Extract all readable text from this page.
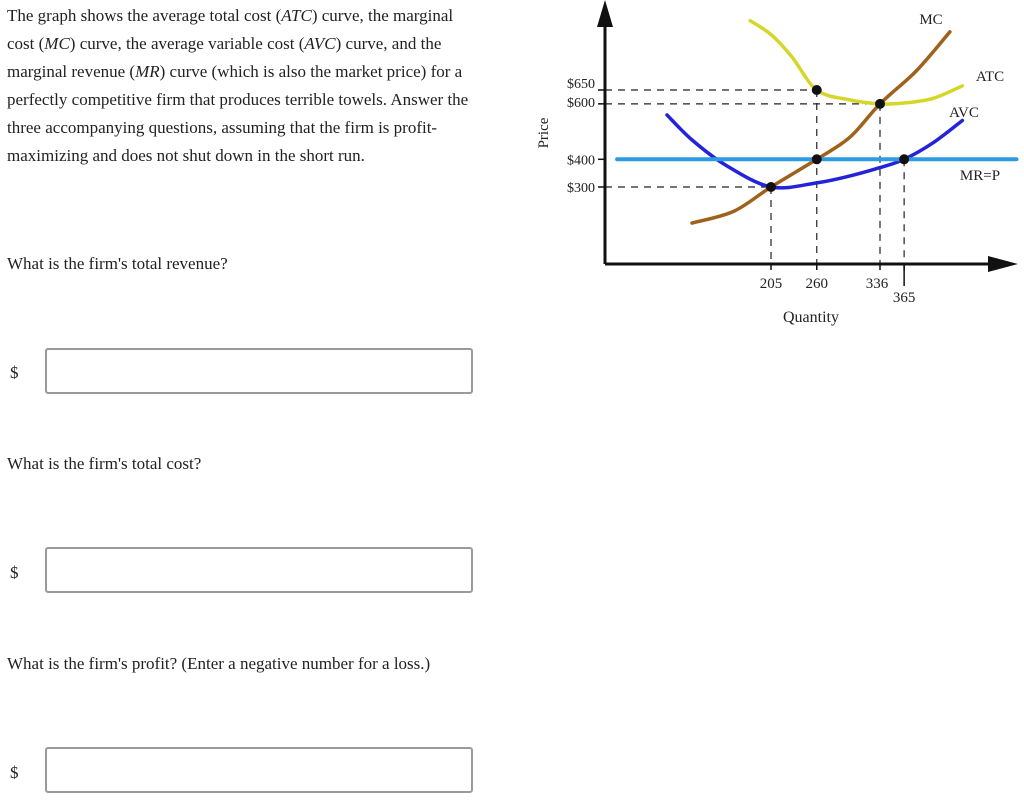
The graph shows the average total cost (ATC) curve, the marginal cost (MC) curve, the average variable cost (AVC) curve, and the marginal revenue (MR) curve (which is also the market price) for a perfectly competitive firm that produces terrible towels. Answer the three accompanying questions, assuming that the firm is profit-maximizing and does not shut down in the short run.
What is the firm's total revenue?
$
What is the firm's total cost?
$
What is the firm's profit? (Enter a negative number for a loss.)
$
$650
$600
$400
$300
205 260	336
365
Price
Quantity
MC
ATC
AVC
MR=P
